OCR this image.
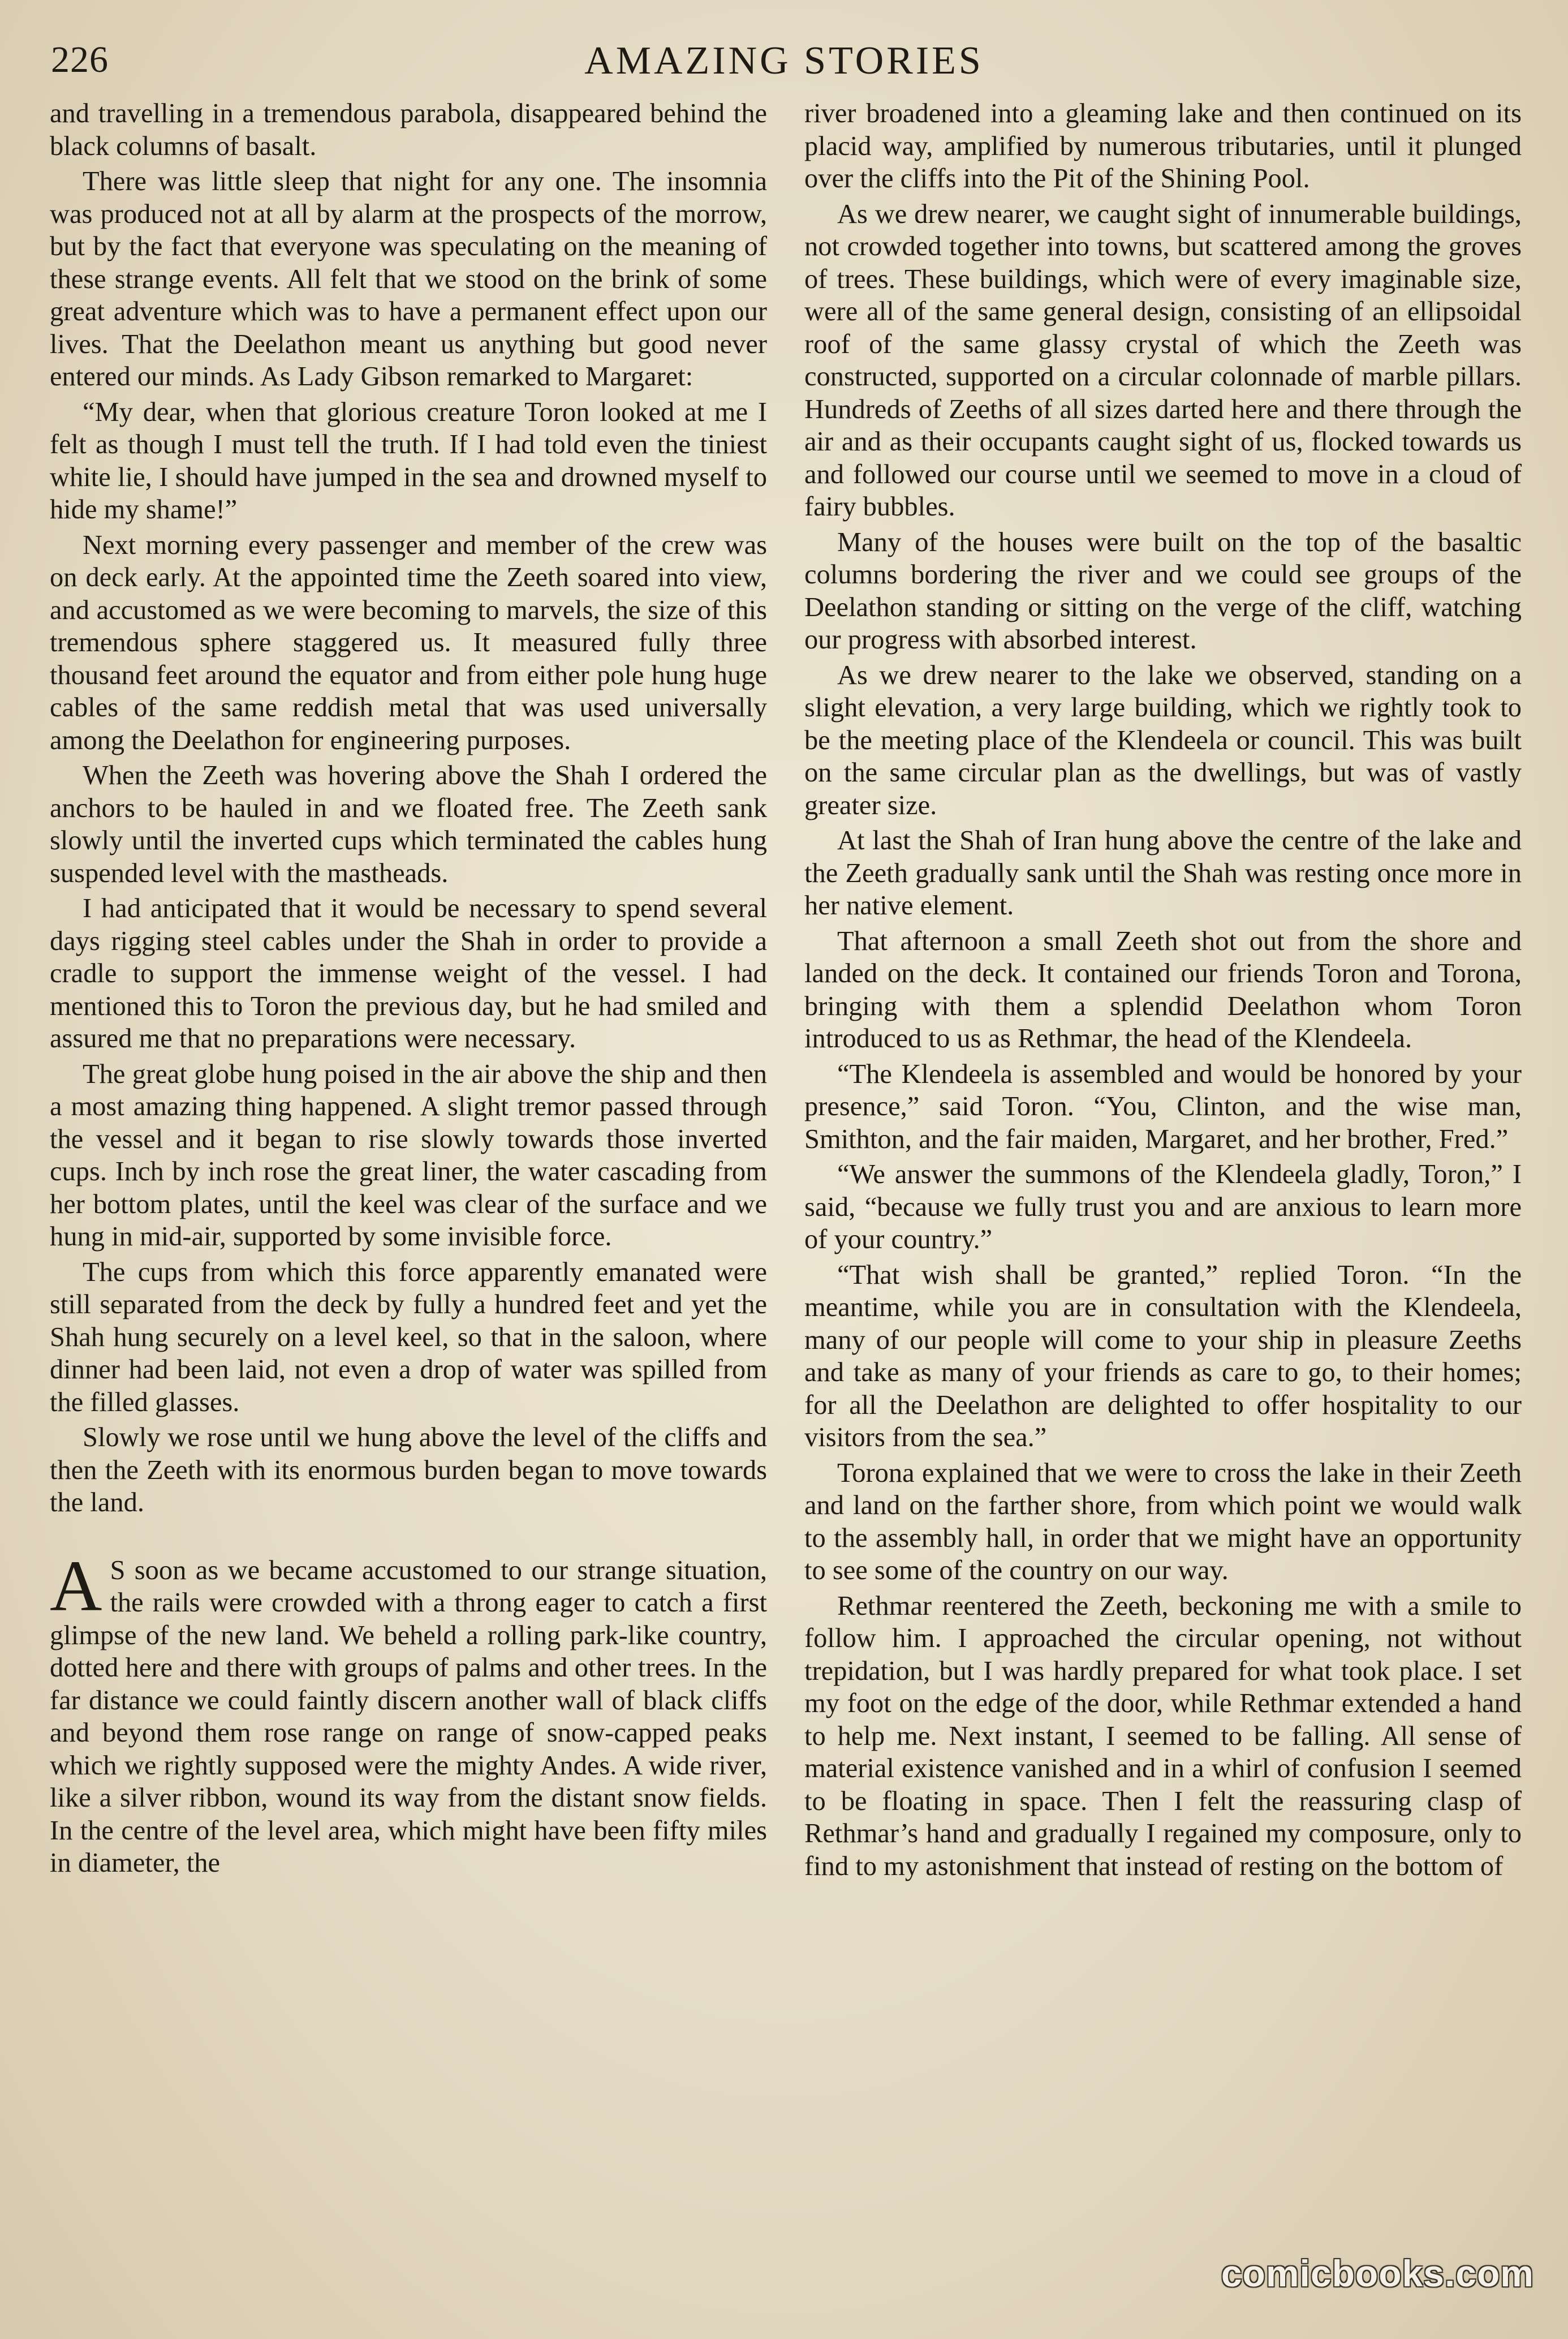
226	AMAZING STORIES

and travelling in a tremendous parabola, disappeared behind the black columns of basalt.

There was little sleep that night for any one. The insomnia was produced not at all by alarm at the prospects of the morrow, but by the fact that everyone was speculating on the meaning of these strange events. All felt that we stood on the brink of some great adventure which was to have a permanent effect upon our lives. That the Deelathon meant us anything but good never entered our minds. As Lady Gibson remarked to Margaret:

“My dear, when that glorious creature Toron looked at me I felt as though I must tell the truth. If I had told even the tiniest white lie, I should have jumped in the sea and drowned myself to hide my shame!”

Next morning every passenger and member of the crew was on deck early. At the appointed time the Zeeth soared into view, and accustomed as we were becoming to marvels, the size of this tremendous sphere staggered us. It measured fully three thousand feet around the equator and from either pole hung huge cables of the same reddish metal that was used universally among the Deelathon for engineering purposes.

When the Zeeth was hovering above the Shah I ordered the anchors to be hauled in and we floated free. The Zeeth sank slowly until the inverted cups which terminated the cables hung suspended level with the mastheads.

I had anticipated that it would be necessary to spend several days rigging steel cables under the Shah in order to provide a cradle to support the immense weight of the vessel. I had mentioned this to Toron the previous day, but he had smiled and assured me that no preparations were necessary.

The great globe hung poised in the air above the ship and then a most amazing thing happened. A slight tremor passed through the vessel and it began to rise slowly towards those inverted cups. Inch by inch rose the great liner, the water cascading from her bottom plates, until the keel was clear of the surface and we hung in mid-air, supported by some invisible force.

The cups from which this force apparently emanated were still separated from the deck by fully a hundred feet and yet the Shah hung securely on a level keel, so that in the saloon, where dinner had been laid, not even a drop of water was spilled from the filled glasses.

Slowly we rose until we hung above the level of the cliffs and then the Zeeth with its enormous burden began to move towards the land.

A S soon as we became accustomed to our strange situation, the rails were crowded with a throng eager to catch a first glimpse of the new land. We beheld a rolling park-like country, dotted here and there with groups of palms and other trees. In the far distance we could faintly discern another wall of black cliffs and beyond them rose range on range of snow-capped peaks which we rightly supposed were the mighty Andes. A wide river, like a silver ribbon, wound its way from the distant snow fields. In the centre of the level area, which might have been fifty miles in diameter, the

river broadened into a gleaming lake and then continued on its placid way, amplified by numerous tributaries, until it plunged over the cliffs into the Pit of the Shining Pool.

As we drew nearer, we caught sight of innumerable buildings, not crowded together into towns, but scattered among the groves of trees. These buildings, which were of every imaginable size, were all of the same general design, consisting of an ellipsoidal roof of the same glassy crystal of which the Zeeth was constructed, supported on a circular colonnade of marble pillars. Hundreds of Zeeths of all sizes darted here and there through the air and as their occupants caught sight of us, flocked towards us and followed our course until we seemed to move in a cloud of fairy bubbles.

Many of the houses were built on the top of the basaltic columns bordering the river and we could see groups of the Deelathon standing or sitting on the verge of the cliff, watching our progress with absorbed interest.

As we drew nearer to the lake we observed, standing on a slight elevation, a very large building, which we rightly took to be the meeting place of the Klendeela or council. This was built on the same circular plan as the dwellings, but was of vastly greater size.

At last the Shah of Iran hung above the centre of the lake and the Zeeth gradually sank until the Shah was resting once more in her native element.

That afternoon a small Zeeth shot out from the shore and landed on the deck. It contained our friends Toron and Torona, bringing with them a splendid Deelathon whom Toron introduced to us as Rethmar, the head of the Klendeela.

“The Klendeela is assembled and would be honored by your presence,” said Toron. “You, Clinton, and the wise man, Smithton, and the fair maiden, Margaret, and her brother, Fred.”

“We answer the summons of the Klendeela gladly, Toron,” I said, “because we fully trust you and are anxious to learn more of your country.”

“That wish shall be granted,” replied Toron. “In the meantime, while you are in consultation with the Klendeela, many of our people will come to your ship in pleasure Zeeths and take as many of your friends as care to go, to their homes; for all the Deelathon are delighted to offer hospitality to our visitors from the sea.”

Torona explained that we were to cross the lake in their Zeeth and land on the farther shore, from which point we would walk to the assembly hall, in order that we might have an opportunity to see some of the country on our way.

Rethmar reentered the Zeeth, beckoning me with a smile to follow him. I approached the circular opening, not without trepidation, but I was hardly prepared for what took place. I set my foot on the edge of the door, while Rethmar extended a hand to help me. Next instant, I seemed to be falling. All sense of material existence vanished and in a whirl of confusion I seemed to be floating in space. Then I felt the reassuring clasp of Rethmar’s hand and gradually I regained my composure, only to find to my astonishment that instead of resting on the bottom of

comicbooks.com
